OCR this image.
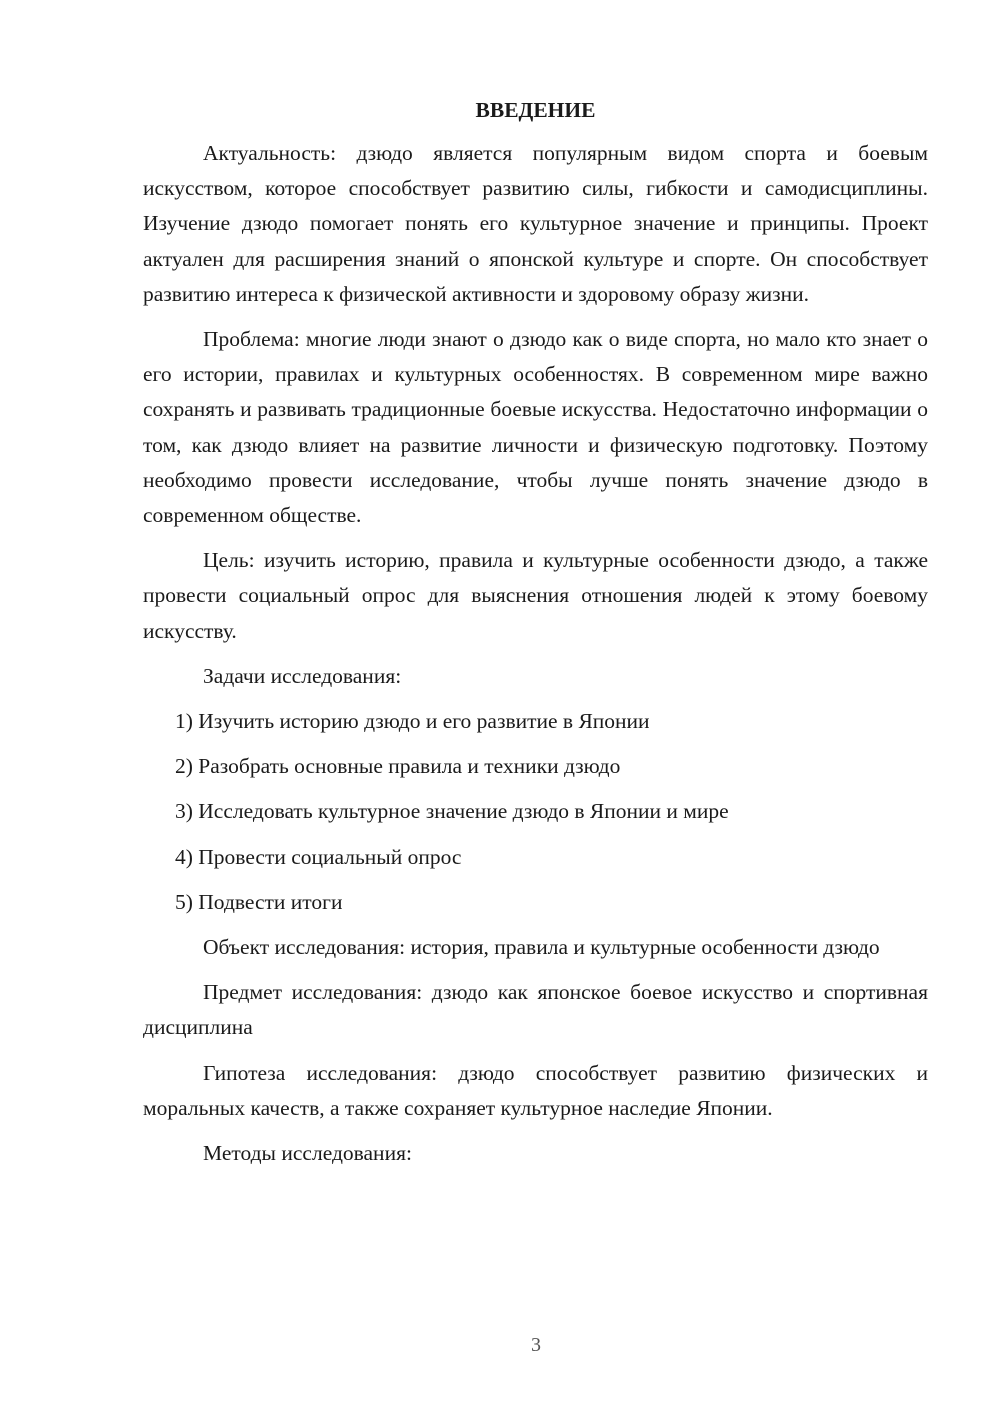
ВВЕДЕНИЕ

Актуальность: дзюдо является популярным видом спорта и боевым искусством, которое способствует развитию силы, гибкости и самодисциплины. Изучение дзюдо помогает понять его культурное значение и принципы. Проект актуален для расширения знаний о японской культуре и спорте. Он способствует развитию интереса к физической активности и здоровому образу жизни.

Проблема: многие люди знают о дзюдо как о виде спорта, но мало кто знает о его истории, правилах и культурных особенностях. В современном мире важно сохранять и развивать традиционные боевые искусства. Недостаточно информации о том, как дзюдо влияет на развитие личности и физическую подготовку. Поэтому необходимо провести исследование, чтобы лучше понять значение дзюдо в современном обществе.

Цель: изучить историю, правила и культурные особенности дзюдо, а также провести социальный опрос для выяснения отношения людей к этому боевому искусству.

Задачи исследования:

1) Изучить историю дзюдо и его развитие в Японии

2) Разобрать основные правила и техники дзюдо

3) Исследовать культурное значение дзюдо в Японии и мире

4) Провести социальный опрос

5) Подвести итоги

Объект исследования: история, правила и культурные особенности дзюдо

Предмет исследования: дзюдо как японское боевое искусство и спортивная дисциплина

Гипотеза исследования: дзюдо способствует развитию физических и моральных качеств, а также сохраняет культурное наследие Японии.

Методы исследования:

3
